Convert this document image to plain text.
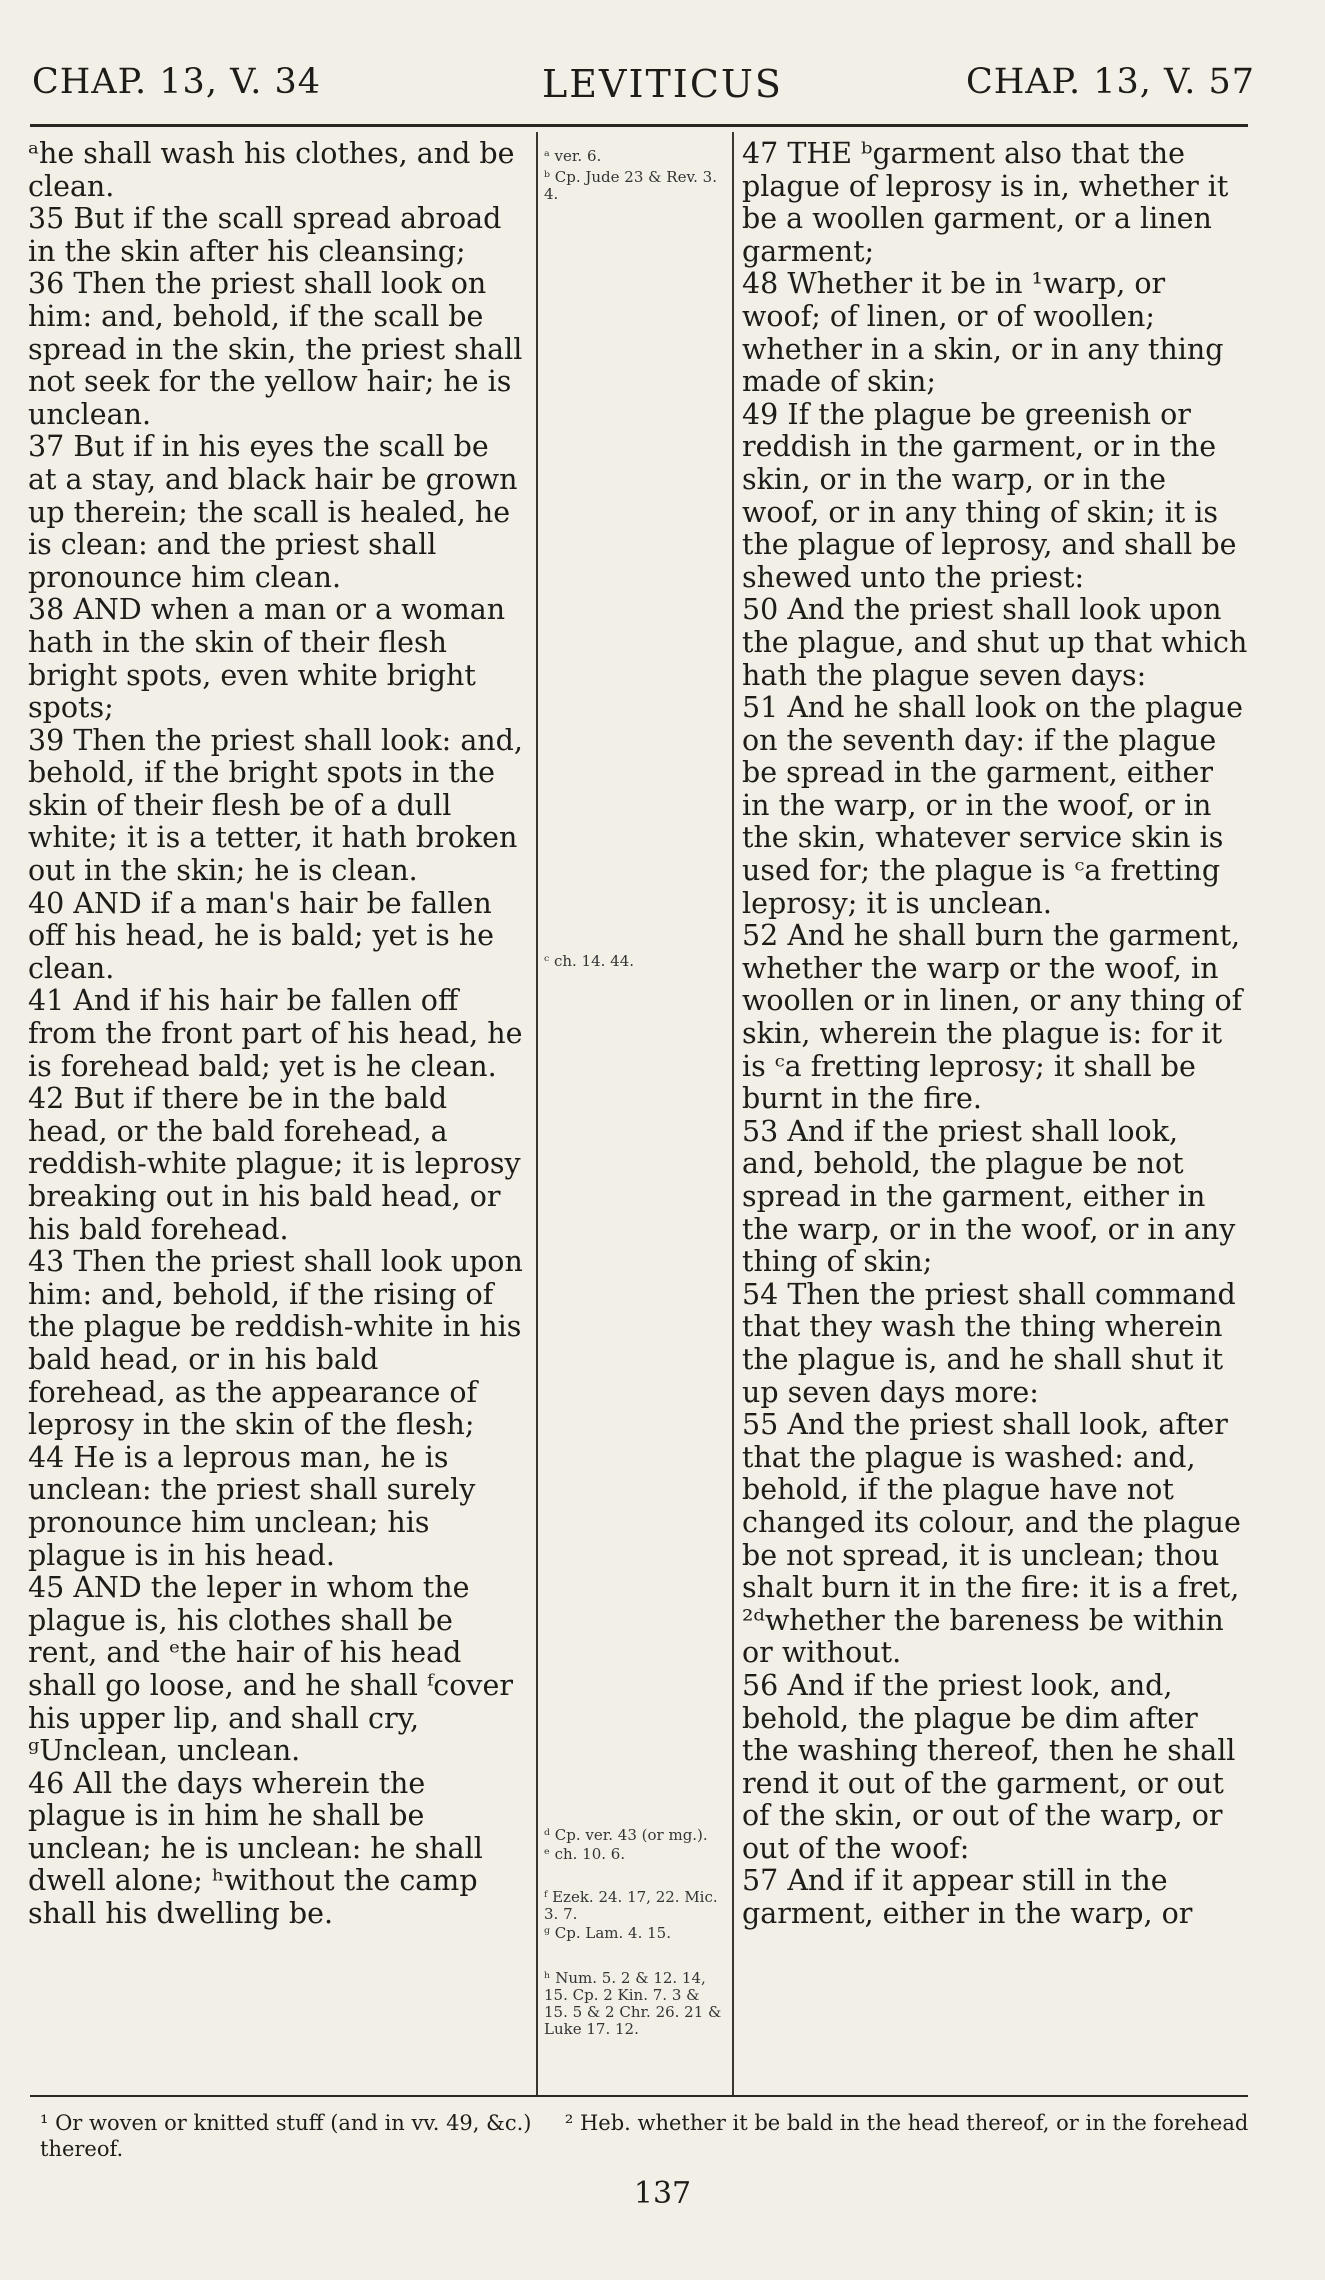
CHAP. 13, V. 34	LEVITICUS	CHAP. 13, V. 57
ᵃhe shall wash his clothes, and be clean.
35 But if the scall spread abroad in the skin after his cleansing;
36 Then the priest shall look on him: and, behold, if the scall be spread in the skin, the priest shall not seek for the yellow hair; he is unclean.
37 But if in his eyes the scall be at a stay, and black hair be grown up therein; the scall is healed, he is clean: and the priest shall pronounce him clean.
38 AND when a man or a woman hath in the skin of their flesh bright spots, even white bright spots;
39 Then the priest shall look: and, behold, if the bright spots in the skin of their flesh be of a dull white; it is a tetter, it hath broken out in the skin; he is clean.
40 AND if a man's hair be fallen off his head, he is bald; yet is he clean.
41 And if his hair be fallen off from the front part of his head, he is forehead bald; yet is he clean.
42 But if there be in the bald head, or the bald forehead, a reddish-white plague; it is leprosy breaking out in his bald head, or his bald forehead.
43 Then the priest shall look upon him: and, behold, if the rising of the plague be reddish-white in his bald head, or in his bald forehead, as the appearance of leprosy in the skin of the flesh;
44 He is a leprous man, he is unclean: the priest shall surely pronounce him unclean; his plague is in his head.
45 AND the leper in whom the plague is, his clothes shall be rent, and ᵉthe hair of his head shall go loose, and he shall ᶠcover his upper lip, and shall cry, ᵍUnclean, unclean.
46 All the days wherein the plague is in him he shall be unclean; he is unclean: he shall dwell alone; ʰwithout the camp shall his dwelling be.
ᵃ ver. 6.
ᵇ Cp. Jude 23 & Rev. 3. 4.
ᶜ ch. 14. 44.
ᵈ Cp. ver. 43 (or mg.).
ᵉ ch. 10. 6.
ᶠ Ezek. 24. 17, 22. Mic. 3. 7.
ᵍ Cp. Lam. 4. 15.
ʰ Num. 5. 2 & 12. 14, 15. Cp. 2 Kin. 7. 3 & 15. 5 & 2 Chr. 26. 21 & Luke 17. 12.
47 THE ᵇgarment also that the plague of leprosy is in, whether it be a woollen garment, or a linen garment;
48 Whether it be in ¹warp, or woof; of linen, or of woollen; whether in a skin, or in any thing made of skin;
49 If the plague be greenish or reddish in the garment, or in the skin, or in the warp, or in the woof, or in any thing of skin; it is the plague of leprosy, and shall be shewed unto the priest:
50 And the priest shall look upon the plague, and shut up that which hath the plague seven days:
51 And he shall look on the plague on the seventh day: if the plague be spread in the garment, either in the warp, or in the woof, or in the skin, whatever service skin is used for; the plague is ᶜa fretting leprosy; it is unclean.
52 And he shall burn the garment, whether the warp or the woof, in woollen or in linen, or any thing of skin, wherein the plague is: for it is ᶜa fretting leprosy; it shall be burnt in the fire.
53 And if the priest shall look, and, behold, the plague be not spread in the garment, either in the warp, or in the woof, or in any thing of skin;
54 Then the priest shall command that they wash the thing wherein the plague is, and he shall shut it up seven days more:
55 And the priest shall look, after that the plague is washed: and, behold, if the plague have not changed its colour, and the plague be not spread, it is unclean; thou shalt burn it in the fire: it is a fret, ²ᵈwhether the bareness be within or without.
56 And if the priest look, and, behold, the plague be dim after the washing thereof, then he shall rend it out of the garment, or out of the skin, or out of the warp, or out of the woof:
57 And if it appear still in the garment, either in the warp, or
¹ Or woven or knitted stuff (and in vv. 49, &c.) ² Heb. whether it be bald in the head thereof, or in the forehead thereof.
137
